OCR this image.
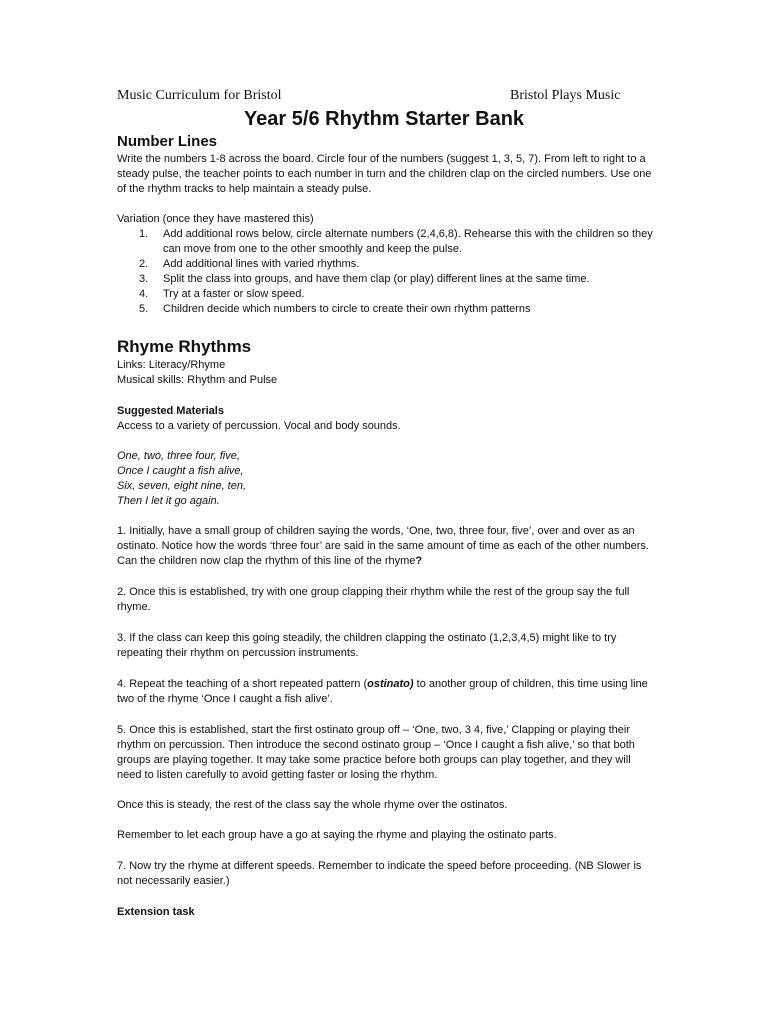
Music Curriculum for Bristol	Bristol Plays Music
Year 5/6 Rhythm Starter Bank

Number Lines

Write the numbers 1-8 across the board. Circle four of the numbers (suggest 1, 3, 5, 7). From left to right to a steady pulse, the teacher points to each number in turn and the children clap on the circled numbers. Use one of the rhythm tracks to help maintain a steady pulse.

Variation (once they have mastered this)

1. Add additional rows below, circle alternate numbers (2,4,6,8). Rehearse this with the children so they can move from one to the other smoothly and keep the pulse.
2. Add additional lines with varied rhythms.
3. Split the class into groups, and have them clap (or play) different lines at the same time.
4. Try at a faster or slow speed.
5. Children decide which numbers to circle to create their own rhythm patterns

Rhyme Rhythms

Links: Literacy/Rhyme

Musical skills: Rhythm and Pulse

Suggested Materials

Access to a variety of percussion. Vocal and body sounds.

One, two, three four, five,

Once I caught a fish alive,

Six, seven, eight nine, ten,

Then I let it go again.

1. Initially, have a small group of children saying the words, ‘One, two, three four, five’, over and over as an ostinato. Notice how the words ‘three four’ are said in the same amount of time as each of the other numbers. Can the children now clap the rhythm of this line of the rhyme?

2. Once this is established, try with one group clapping their rhythm while the rest of the group say the full rhyme.

3. If the class can keep this going steadily, the children clapping the ostinato (1,2,3,4,5) might like to try repeating their rhythm on percussion instruments.

4. Repeat the teaching of a short repeated pattern (ostinato) to another group of children, this time using line two of the rhyme ‘Once I caught a fish alive’.

5. Once this is established, start the first ostinato group off – ‘One, two, 3 4, five,’ Clapping or playing their rhythm on percussion. Then introduce the second ostinato group – ‘Once I caught a fish alive,’ so that both groups are playing together. It may take some practice before both groups can play together, and they will need to listen carefully to avoid getting faster or losing the rhythm.

Once this is steady, the rest of the class say the whole rhyme over the ostinatos.

Remember to let each group have a go at saying the rhyme and playing the ostinato parts.

7. Now try the rhyme at different speeds. Remember to indicate the speed before proceeding. (NB Slower is not necessarily easier.)

Extension task
